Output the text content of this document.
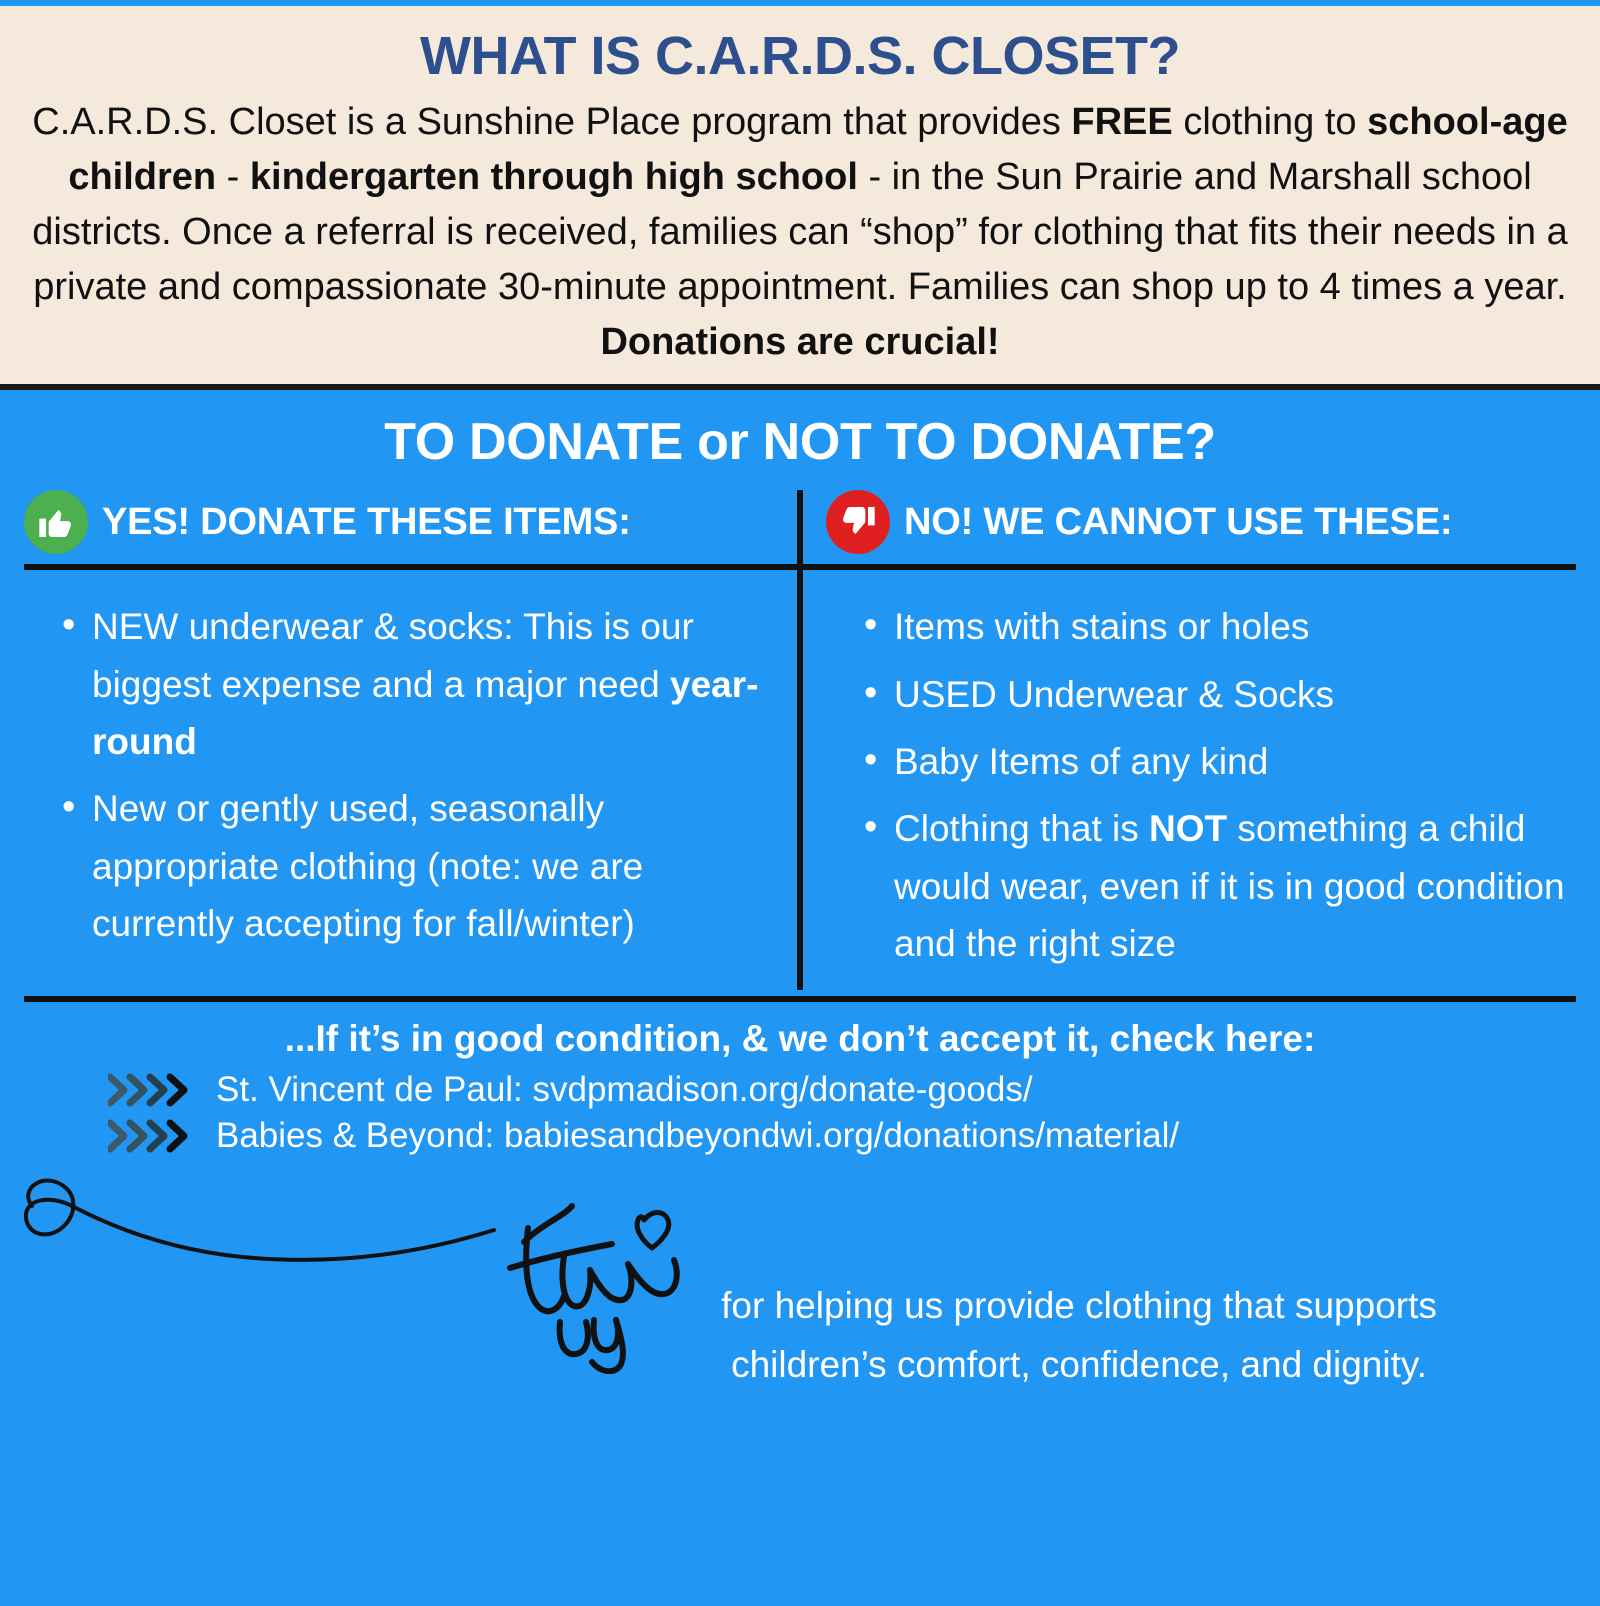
WHAT IS C.A.R.D.S. CLOSET?

C.A.R.D.S. Closet is a Sunshine Place program that provides FREE clothing to school-age children - kindergarten through high school - in the Sun Prairie and Marshall school districts. Once a referral is received, families can “shop” for clothing that fits their needs in a private and compassionate 30-minute appointment. Families can shop up to 4 times a year. Donations are crucial!

TO DONATE or NOT TO DONATE?
YES! DONATE THESE ITEMS:	NO! WE CANNOT USE THESE:
• NEW underwear & socks: This is our biggest expense and a major need year-round
• New or gently used, seasonally appropriate clothing (note: we are currently accepting for fall/winter)
• Items with stains or holes
• USED Underwear & Socks
• Baby Items of any kind
• Clothing that is NOT something a child would wear, even if it is in good condition and the right size
...If it’s in good condition, & we don’t accept it, check here:
St. Vincent de Paul: svdpmadison.org/donate-goods/
Babies & Beyond: babiesandbeyondwi.org/donations/material/
for helping us provide clothing that supports children’s comfort, confidence, and dignity.
